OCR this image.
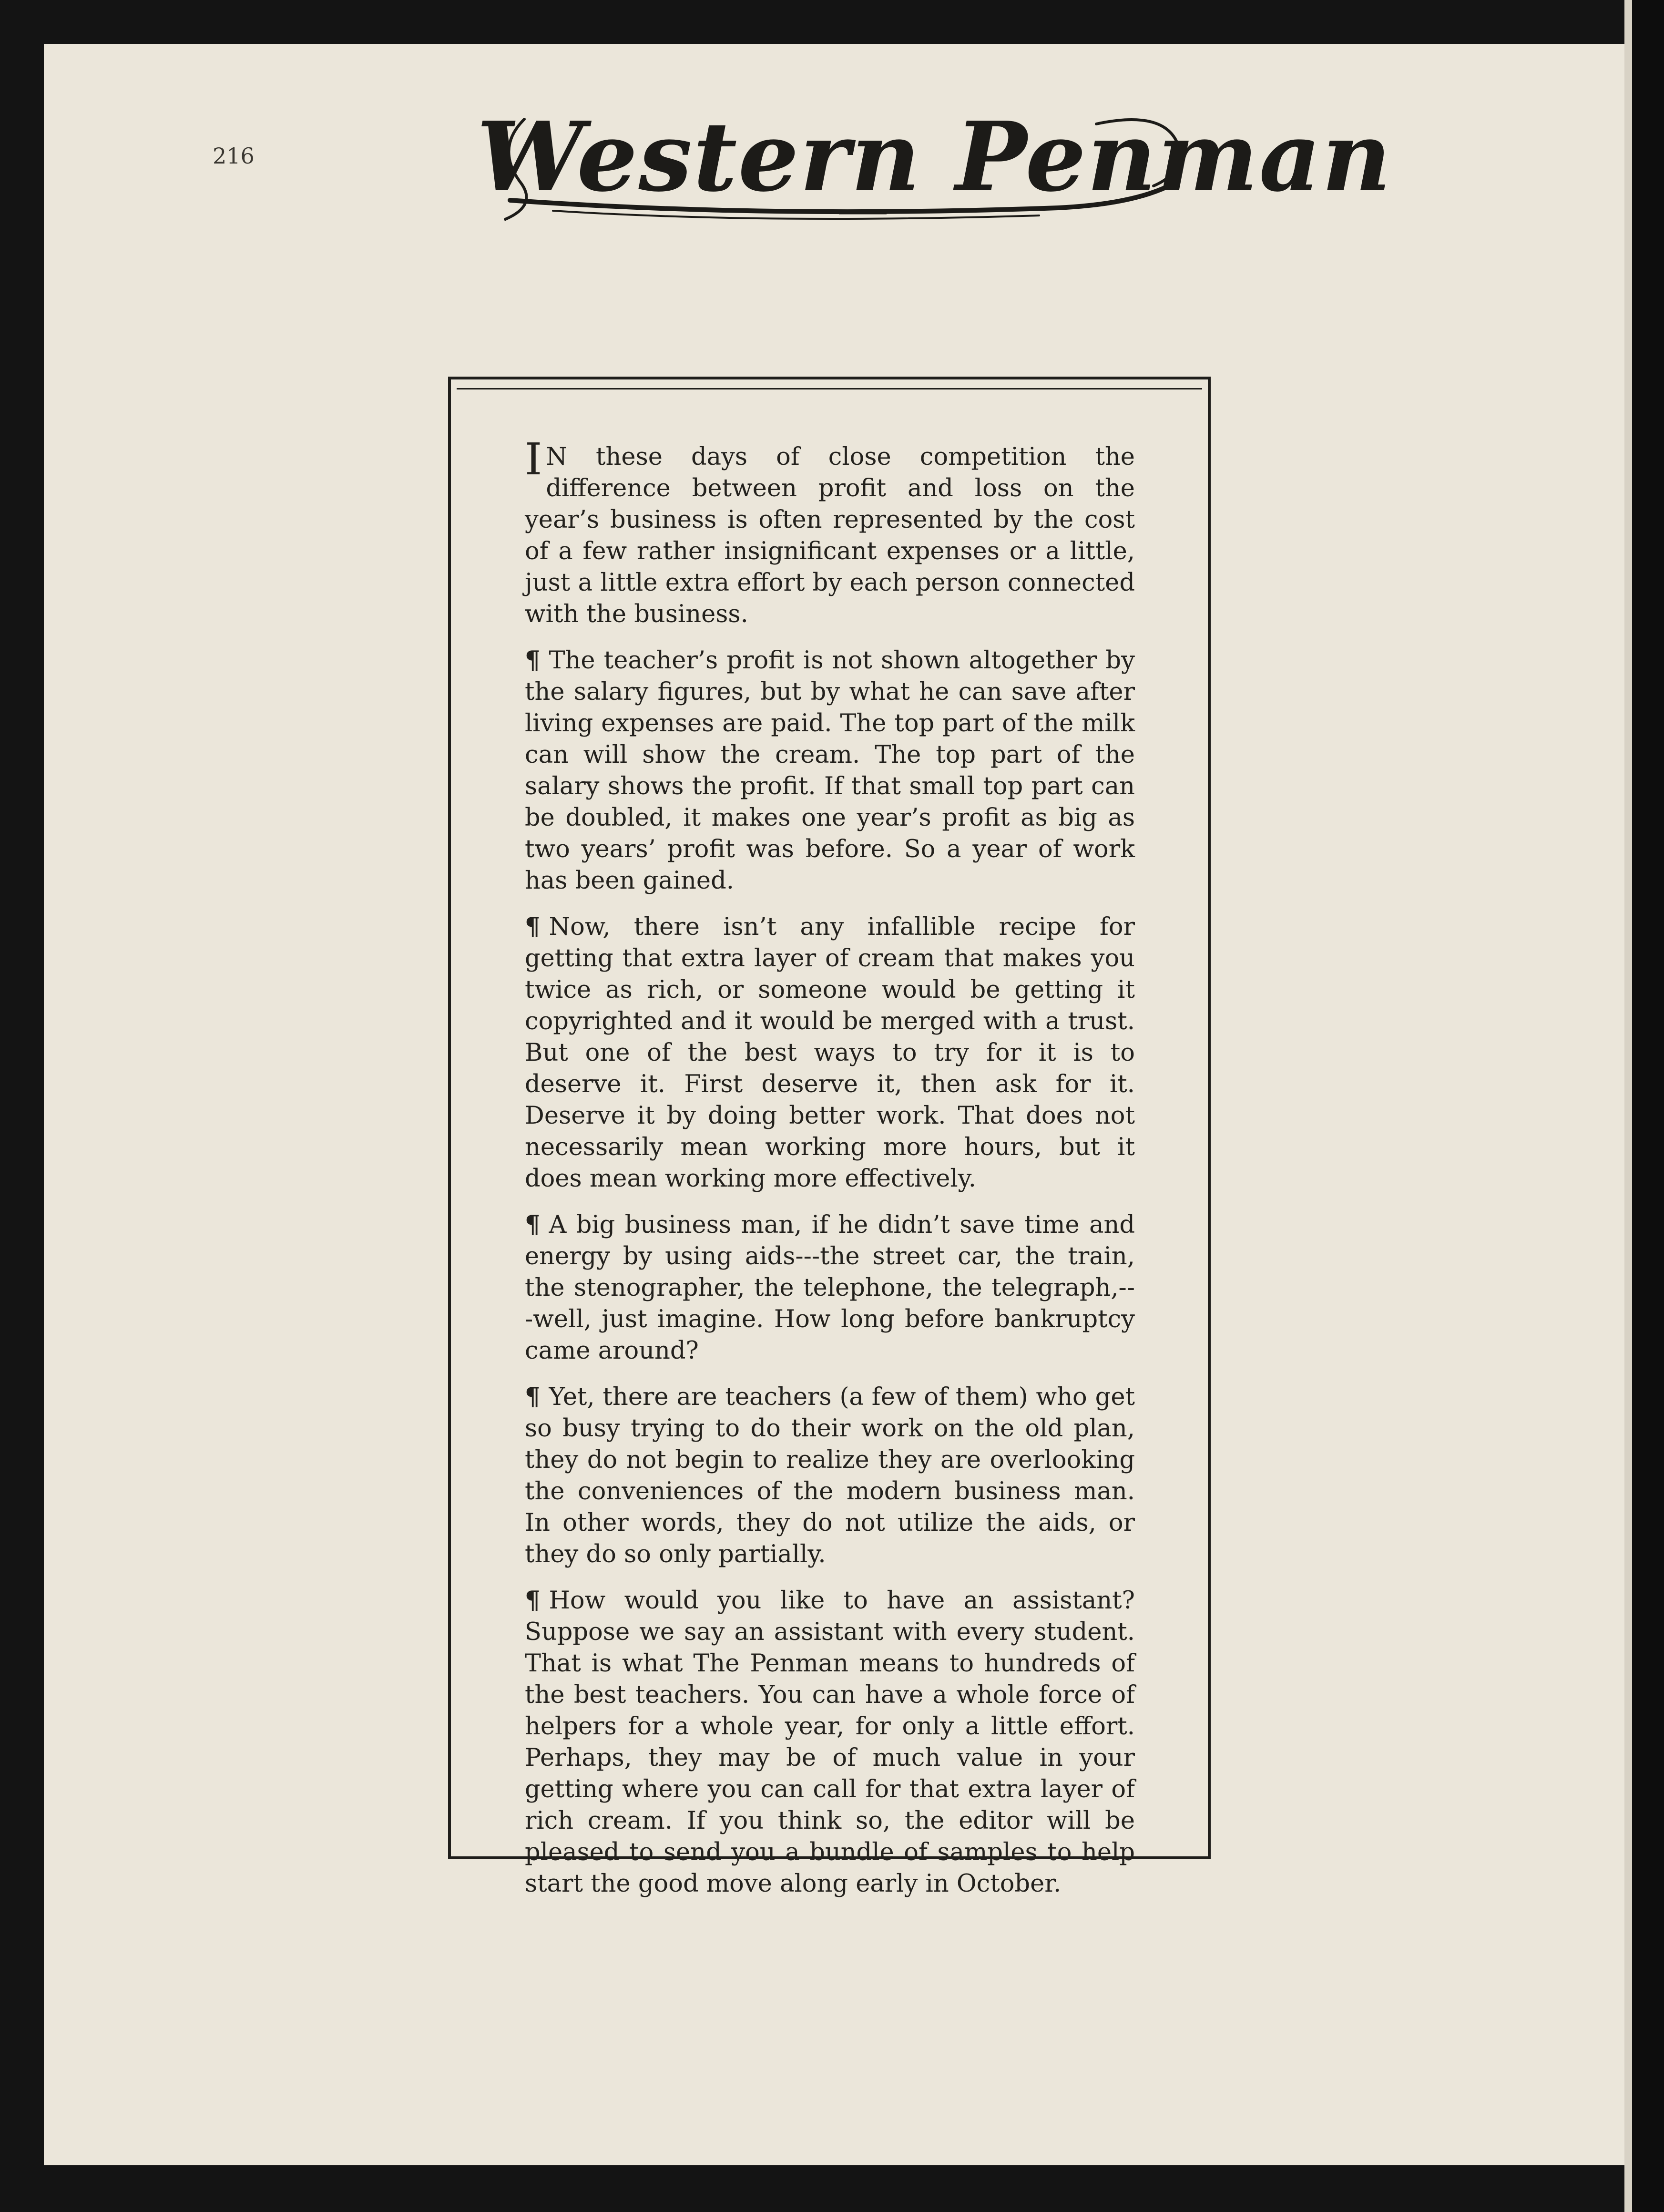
216 Western Penman

I N these days of close competition the difference between profit and loss on the year’s business is often represented by the cost of a few rather insignificant expenses or a little, just a little extra effort by each person connected with the business.

¶ The teacher’s profit is not shown altogether by the salary figures, but by what he can save after living expenses are paid. The top part of the milk can will show the cream. The top part of the salary shows the profit. If that small top part can be doubled, it makes one year’s profit as big as two years’ profit was before. So a year of work has been gained.

¶ Now, there isn’t any infallible recipe for getting that extra layer of cream that makes you twice as rich, or someone would be getting it copyrighted and it would be merged with a trust. But one of the best ways to try for it is to deserve it. First deserve it, then ask for it. Deserve it by doing better work. That does not necessarily mean working more hours, but it does mean working more effectively.

¶ A big business man, if he didn’t save time and energy by using aids---the street car, the train, the stenographer, the telephone, the telegraph,---well, just imagine. How long before bankruptcy came around?

¶ Yet, there are teachers (a few of them) who get so busy trying to do their work on the old plan, they do not begin to realize they are overlooking the conveniences of the modern business man. In other words, they do not utilize the aids, or they do so only partially.

¶ How would you like to have an assistant? Suppose we say an assistant with every student. That is what The Penman means to hundreds of the best teachers. You can have a whole force of helpers for a whole year, for only a little effort. Perhaps, they may be of much value in your getting where you can call for that extra layer of rich cream. If you think so, the editor will be pleased to send you a bundle of samples to help start the good move along early in October.
